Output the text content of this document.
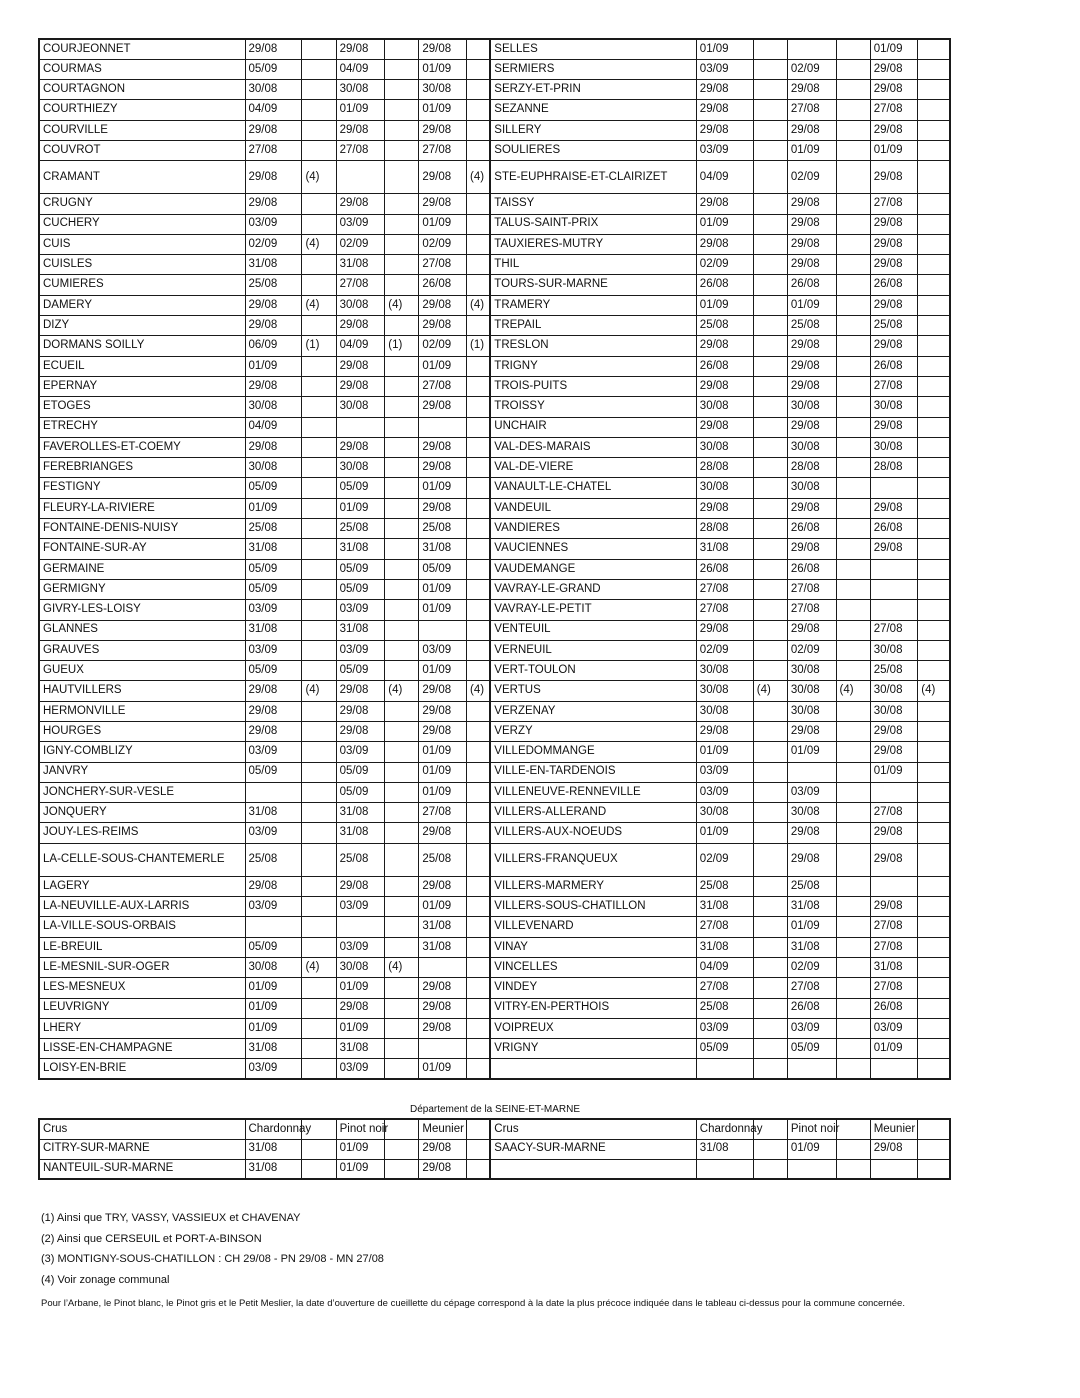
COURJEONNET	29/08		29/08		29/08		SELLES	01/09				01/09	
COURMAS	05/09		04/09		01/09		SERMIERS	03/09		02/09		29/08	
COURTAGNON	30/08		30/08		30/08		SERZY-ET-PRIN	29/08		29/08		29/08	
COURTHIEZY	04/09		01/09		01/09		SEZANNE	29/08		27/08		27/08	
COURVILLE	29/08		29/08		29/08		SILLERY	29/08		29/08		29/08	
COUVROT	27/08		27/08		27/08		SOULIERES	03/09		01/09		01/09	
CRAMANT	29/08	(4)			29/08	(4)	STE-EUPHRAISE-ET-CLAIRIZET	04/09		02/09		29/08	
CRUGNY	29/08		29/08		29/08		TAISSY	29/08		29/08		27/08	
CUCHERY	03/09		03/09		01/09		TALUS-SAINT-PRIX	01/09		29/08		29/08	
CUIS	02/09	(4)	02/09		02/09		TAUXIERES-MUTRY	29/08		29/08		29/08	
CUISLES	31/08		31/08		27/08		THIL	02/09		29/08		29/08	
CUMIERES	25/08		27/08		26/08		TOURS-SUR-MARNE	26/08		26/08		26/08	
DAMERY	29/08	(4)	30/08	(4)	29/08	(4)	TRAMERY	01/09		01/09		29/08	
DIZY	29/08		29/08		29/08		TREPAIL	25/08		25/08		25/08	
DORMANS SOILLY	06/09	(1)	04/09	(1)	02/09	(1)	TRESLON	29/08		29/08		29/08	
ECUEIL	01/09		29/08		01/09		TRIGNY	26/08		29/08		26/08	
EPERNAY	29/08		29/08		27/08		TROIS-PUITS	29/08		29/08		27/08	
ETOGES	30/08		30/08		29/08		TROISSY	30/08		30/08		30/08	
ETRECHY	04/09						UNCHAIR	29/08		29/08		29/08	
FAVEROLLES-ET-COEMY	29/08		29/08		29/08		VAL-DES-MARAIS	30/08		30/08		30/08	
FEREBRIANGES	30/08		30/08		29/08		VAL-DE-VIERE	28/08		28/08		28/08	
FESTIGNY	05/09		05/09		01/09		VANAULT-LE-CHATEL	30/08		30/08			
FLEURY-LA-RIVIERE	01/09		01/09		29/08		VANDEUIL	29/08		29/08		29/08	
FONTAINE-DENIS-NUISY	25/08		25/08		25/08		VANDIERES	28/08		26/08		26/08	
FONTAINE-SUR-AY	31/08		31/08		31/08		VAUCIENNES	31/08		29/08		29/08	
GERMAINE	05/09		05/09		05/09		VAUDEMANGE	26/08		26/08			
GERMIGNY	05/09		05/09		01/09		VAVRAY-LE-GRAND	27/08		27/08			
GIVRY-LES-LOISY	03/09		03/09		01/09		VAVRAY-LE-PETIT	27/08		27/08			
GLANNES	31/08		31/08				VENTEUIL	29/08		29/08		27/08	
GRAUVES	03/09		03/09		03/09		VERNEUIL	02/09		02/09		30/08	
GUEUX	05/09		05/09		01/09		VERT-TOULON	30/08		30/08		25/08	
HAUTVILLERS	29/08	(4)	29/08	(4)	29/08	(4)	VERTUS	30/08	(4)	30/08	(4)	30/08	(4)
HERMONVILLE	29/08		29/08		29/08		VERZENAY	30/08		30/08		30/08	
HOURGES	29/08		29/08		29/08		VERZY	29/08		29/08		29/08	
IGNY-COMBLIZY	03/09		03/09		01/09		VILLEDOMMANGE	01/09		01/09		29/08	
JANVRY	05/09		05/09		01/09		VILLE-EN-TARDENOIS	03/09				01/09	
JONCHERY-SUR-VESLE			05/09		01/09		VILLENEUVE-RENNEVILLE	03/09		03/09			
JONQUERY	31/08		31/08		27/08		VILLERS-ALLERAND	30/08		30/08		27/08	
JOUY-LES-REIMS	03/09		31/08		29/08		VILLERS-AUX-NOEUDS	01/09		29/08		29/08	
LA-CELLE-SOUS-CHANTEMERLE	25/08		25/08		25/08		VILLERS-FRANQUEUX	02/09		29/08		29/08	
LAGERY	29/08		29/08		29/08		VILLERS-MARMERY	25/08		25/08			
LA-NEUVILLE-AUX-LARRIS	03/09		03/09		01/09		VILLERS-SOUS-CHATILLON	31/08		31/08		29/08	
LA-VILLE-SOUS-ORBAIS					31/08		VILLEVENARD	27/08		01/09		27/08	
LE-BREUIL	05/09		03/09		31/08		VINAY	31/08		31/08		27/08	
LE-MESNIL-SUR-OGER	30/08	(4)	30/08	(4)			VINCELLES	04/09		02/09		31/08	
LES-MESNEUX	01/09		01/09		29/08		VINDEY	27/08		27/08		27/08	
LEUVRIGNY	01/09		29/08		29/08		VITRY-EN-PERTHOIS	25/08		26/08		26/08	
LHERY	01/09		01/09		29/08		VOIPREUX	03/09		03/09		03/09	
LISSE-EN-CHAMPAGNE	31/08		31/08				VRIGNY	05/09		05/09		01/09	
LOISY-EN-BRIE	03/09		03/09		01/09								
Département de la SEINE-ET-MARNE
Crus	Chardonnay		Pinot noir		Meunier		Crus	Chardonnay		Pinot noir		Meunier	
CITRY-SUR-MARNE	31/08		01/09		29/08		SAACY-SUR-MARNE	31/08		01/09		29/08	
NANTEUIL-SUR-MARNE	31/08		01/09		29/08								
(1) Ainsi que TRY, VASSY, VASSIEUX et CHAVENAY
(2) Ainsi que CERSEUIL et PORT-A-BINSON
(3) MONTIGNY-SOUS-CHATILLON : CH 29/08 - PN 29/08 - MN 27/08
(4) Voir zonage communal
Pour l’Arbane, le Pinot blanc, le Pinot gris et le Petit Meslier, la date d’ouverture de cueillette du cépage correspond à la date la plus précoce indiquée dans le tableau ci-dessus pour la commune concernée.
